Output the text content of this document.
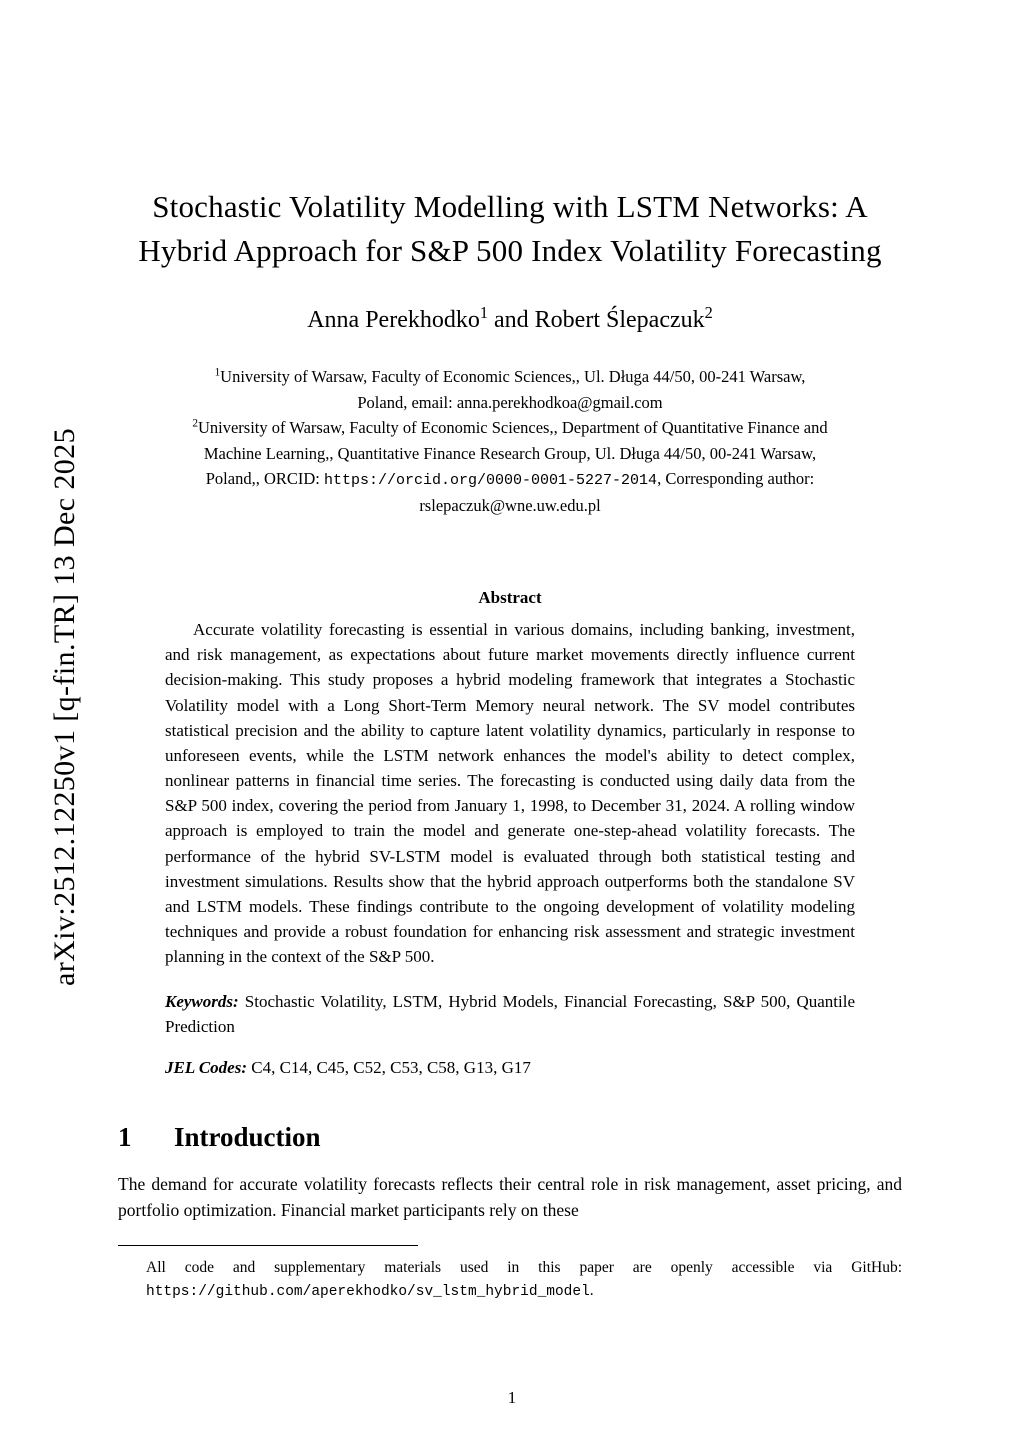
arXiv:2512.12250v1 [q-fin.TR] 13 Dec 2025
Stochastic Volatility Modelling with LSTM Networks: A Hybrid Approach for S&P 500 Index Volatility Forecasting
Anna Perekhodko$^1$ and Robert Ślepaczuk$^2$
$^1$University of Warsaw, Faculty of Economic Sciences,, Ul. Długa 44/50, 00-241 Warsaw,
Poland, email: anna.perekhodkoa@gmail.com
$^2$University of Warsaw, Faculty of Economic Sciences,, Department of Quantitative Finance and
Machine Learning,, Quantitative Finance Research Group, Ul. Długa 44/50, 00-241 Warsaw,
Poland,, ORCID: https://orcid.org/0000-0001-5227-2014, Corresponding author:
rslepaczuk@wne.uw.edu.pl
Abstract
Accurate volatility forecasting is essential in various domains, including banking, investment, and risk management, as expectations about future market movements directly influence current decision-making. This study proposes a hybrid modeling framework that integrates a Stochastic Volatility model with a Long Short-Term Memory neural network. The SV model contributes statistical precision and the ability to capture latent volatility dynamics, particularly in response to unforeseen events, while the LSTM network enhances the model's ability to detect complex, nonlinear patterns in financial time series. The forecasting is conducted using daily data from the S&P 500 index, covering the period from January 1, 1998, to December 31, 2024. A rolling window approach is employed to train the model and generate one-step-ahead volatility forecasts. The performance of the hybrid SV-LSTM model is evaluated through both statistical testing and investment simulations. Results show that the hybrid approach outperforms both the standalone SV and LSTM models. These findings contribute to the ongoing development of volatility modeling techniques and provide a robust foundation for enhancing risk assessment and strategic investment planning in the context of the S&P 500.
Keywords: Stochastic Volatility, LSTM, Hybrid Models, Financial Forecasting, S&P 500, Quantile Prediction
JEL Codes: C4, C14, C45, C52, C53, C58, G13, G17
1	Introduction
The demand for accurate volatility forecasts reflects their central role in risk management, asset pricing, and portfolio optimization. Financial market participants rely on these
All code and supplementary materials used in this paper are openly accessible via GitHub: https://github.com/aperekhodko/sv_lstm_hybrid_model.
1
